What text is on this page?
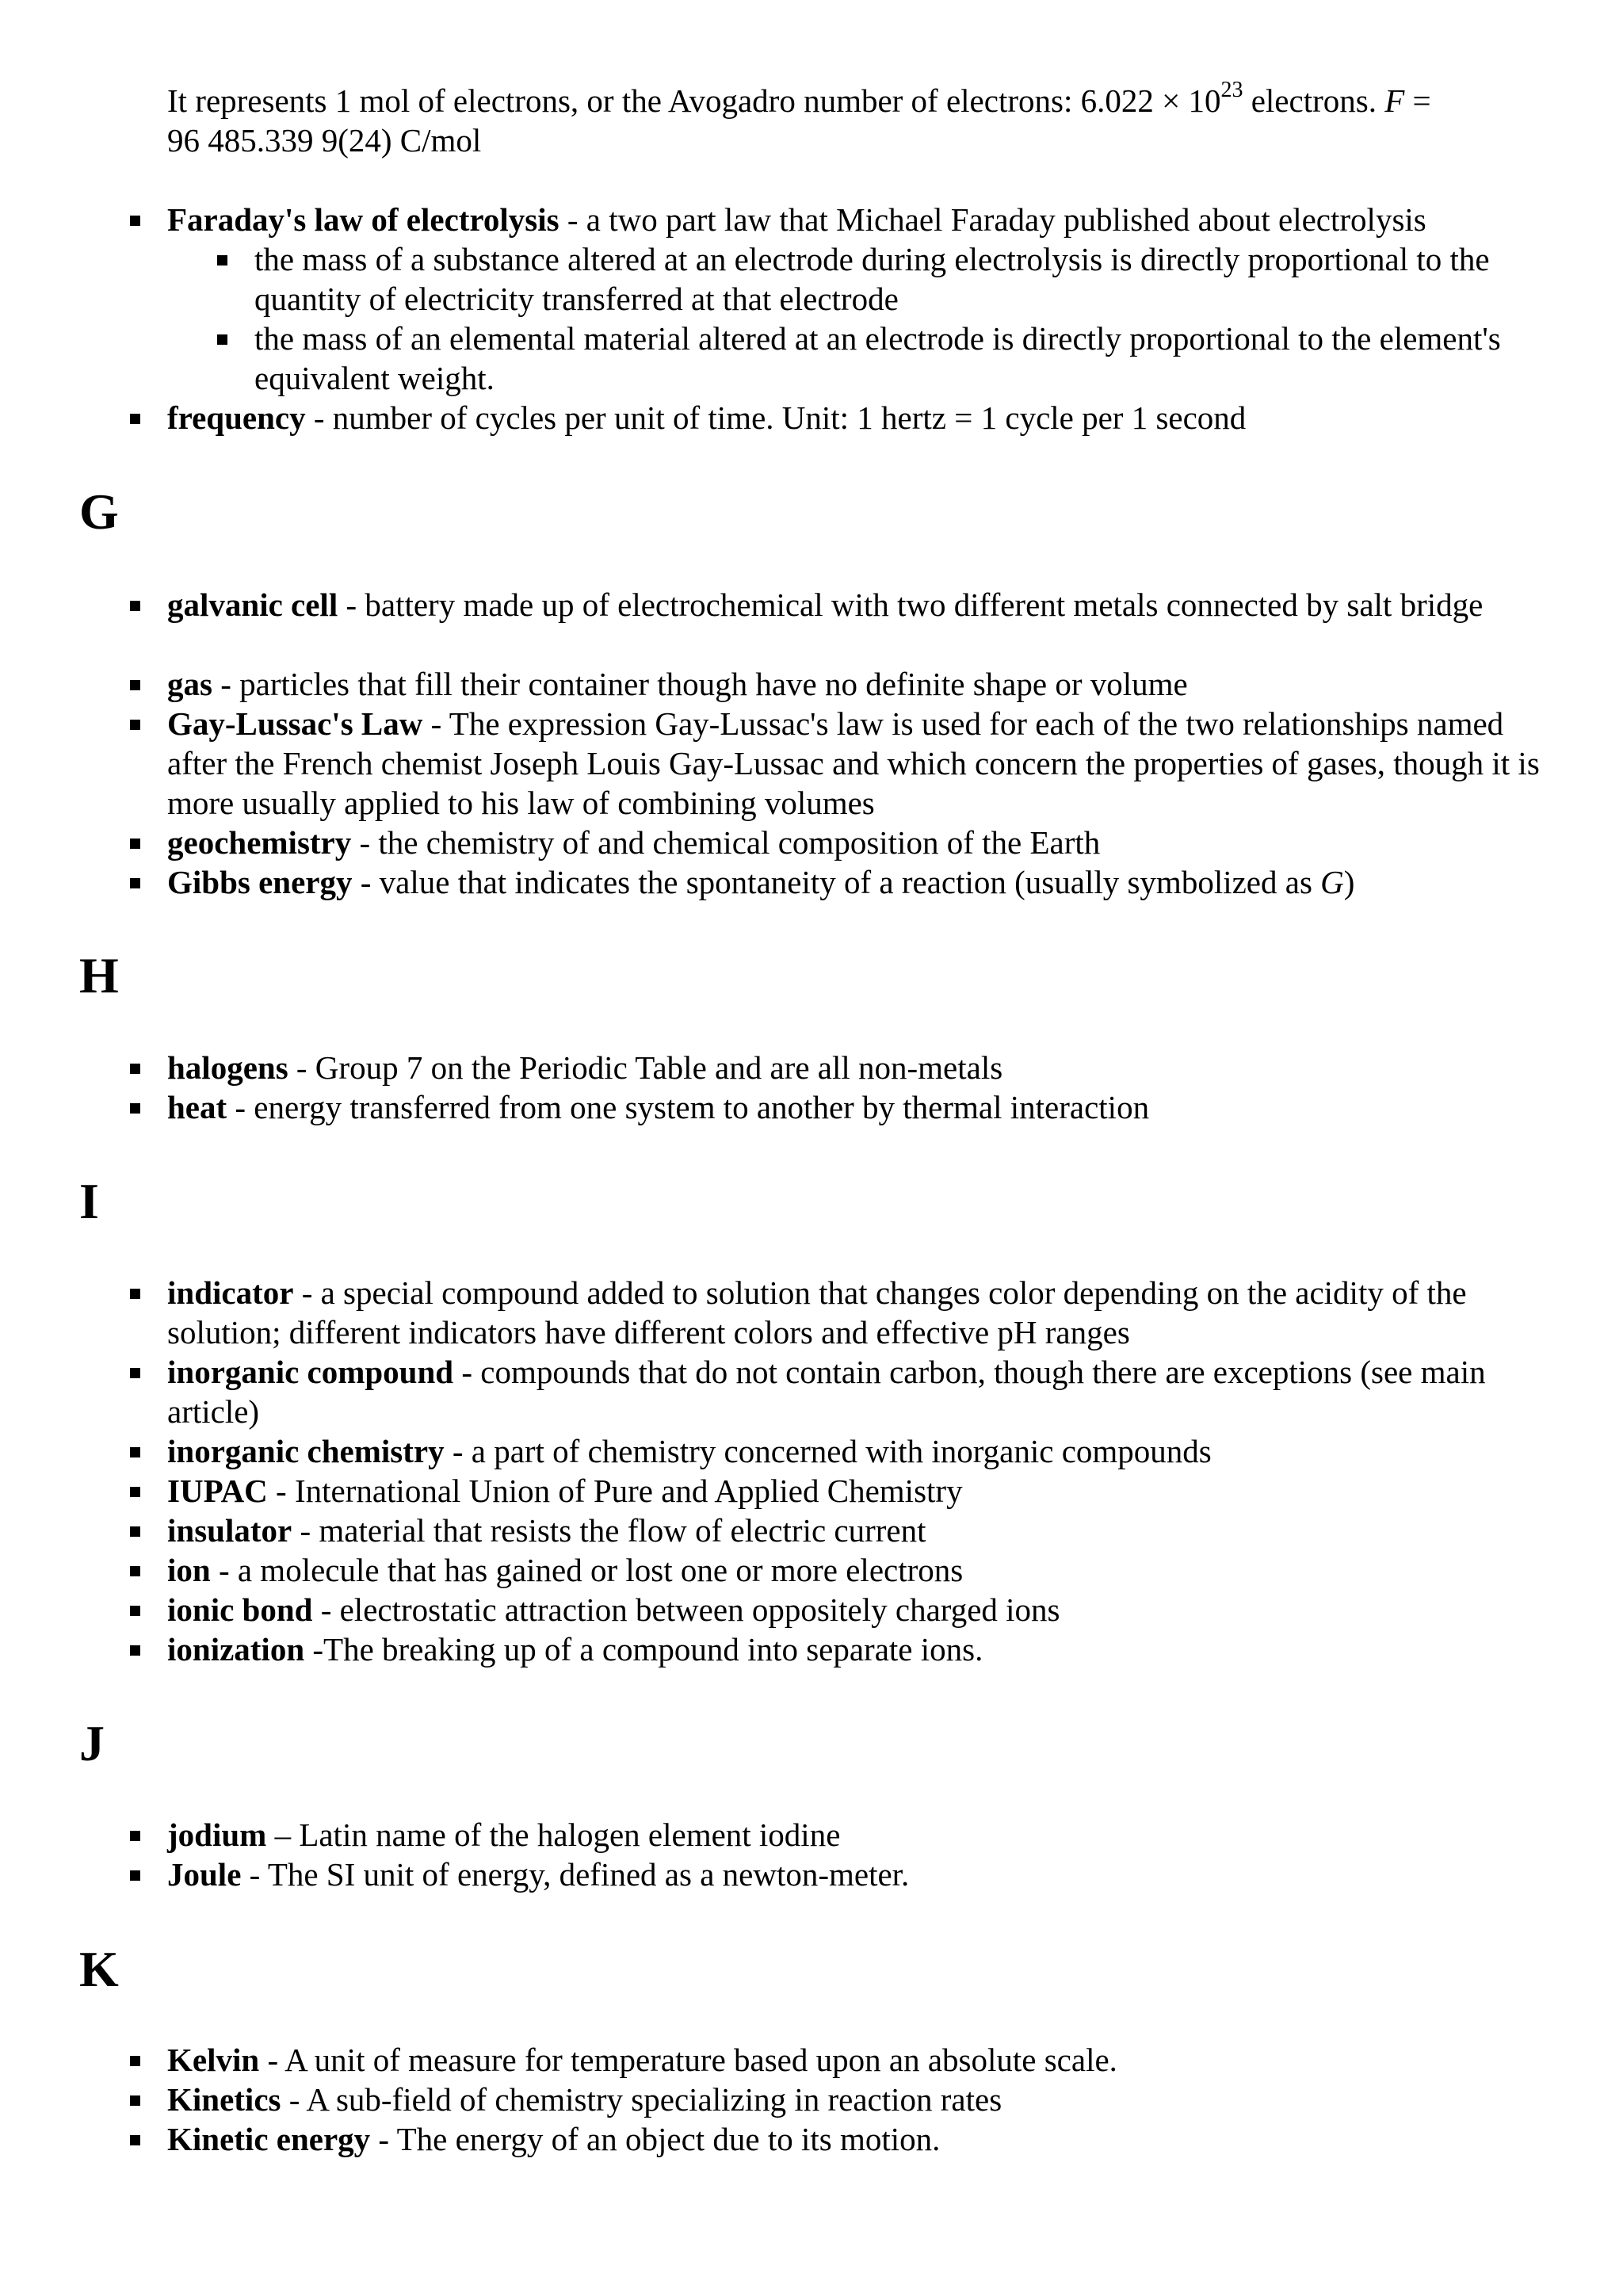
It represents 1 mol of electrons, or the Avogadro number of electrons: $6.022 \times 10^{23}$ electrons. F =
96 485.339 9(24) C/mol
Faraday's law of electrolysis - a two part law that Michael Faraday published about electrolysis
the mass of a substance altered at an electrode during electrolysis is directly proportional to the quantity of electricity transferred at that electrode
the mass of an elemental material altered at an electrode is directly proportional to the element's equivalent weight.
frequency - number of cycles per unit of time. Unit: 1 hertz = 1 cycle per 1 second
G
galvanic cell - battery made up of electrochemical with two different metals connected by salt bridge
gas - particles that fill their container though have no definite shape or volume
Gay-Lussac's Law - The expression Gay-Lussac's law is used for each of the two relationships named after the French chemist Joseph Louis Gay-Lussac and which concern the properties of gases, though it is more usually applied to his law of combining volumes
geochemistry - the chemistry of and chemical composition of the Earth
Gibbs energy - value that indicates the spontaneity of a reaction (usually symbolized as G)
H
halogens - Group 7 on the Periodic Table and are all non-metals
heat - energy transferred from one system to another by thermal interaction
I
indicator - a special compound added to solution that changes color depending on the acidity of the solution; different indicators have different colors and effective pH ranges
inorganic compound - compounds that do not contain carbon, though there are exceptions (see main article)
inorganic chemistry - a part of chemistry concerned with inorganic compounds
IUPAC - International Union of Pure and Applied Chemistry
insulator - material that resists the flow of electric current
ion - a molecule that has gained or lost one or more electrons
ionic bond - electrostatic attraction between oppositely charged ions
ionization -The breaking up of a compound into separate ions.
J
jodium – Latin name of the halogen element iodine
Joule - The SI unit of energy, defined as a newton-meter.
K
Kelvin - A unit of measure for temperature based upon an absolute scale.
Kinetics - A sub-field of chemistry specializing in reaction rates
Kinetic energy - The energy of an object due to its motion.
